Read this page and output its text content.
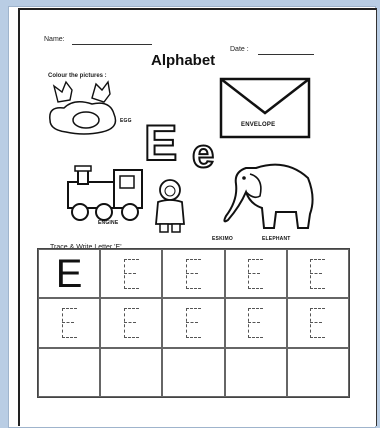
Name:
Date :
Alphabet
Colour the pictures :
EGG
ENVELOPE
E e
ENGINE
ESKIMO	ELEPHANT
Trace & Write Letter 'E'
E
